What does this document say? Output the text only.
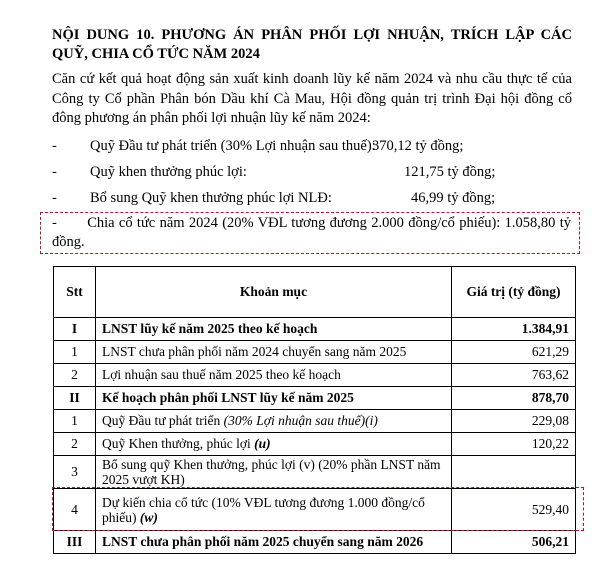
NỘI DUNG 10. PHƯƠNG ÁN PHÂN PHỐI LỢI NHUẬN, TRÍCH LẬP CÁC QUỸ, CHIA CỔ TỨC NĂM 2024
Căn cứ kết quả hoạt động sản xuất kinh doanh lũy kế năm 2024 và nhu cầu thực tế của Công ty Cổ phần Phân bón Dầu khí Cà Mau, Hội đồng quản trị trình Đại hội đồng cổ đông phương án phân phối lợi nhuận lũy kế năm 2024:
- Quỹ Đầu tư phát triển (30% Lợi nhuận sau thuế):
370,12 tỷ đồng;
- Quỹ khen thưởng phúc lợi:	121,75 tỷ đồng;
- Bổ sung Quỹ khen thưởng phúc lợi NLĐ:	46,99 tỷ đồng;
- Chia cổ tức năm 2024 (20% VĐL tương đương 2.000 đồng/cổ phiếu): 1.058,80 tỷ đồng.
Stt	Khoản mục	Giá trị (tỷ đồng)
I	LNST lũy kế năm 2025 theo kế hoạch	1.384,91
1	LNST chưa phân phối năm 2024 chuyển sang năm 2025	621,29
2	Lợi nhuận sau thuế năm 2025 theo kế hoạch	763,62
II	Kế hoạch phân phối LNST lũy kế năm 2025	878,70
1	Quỹ Đầu tư phát triển (30% Lợi nhuận sau thuế)(i)	229,08
2	Quỹ Khen thưởng, phúc lợi (u)	120,22
3	Bổ sung quỹ Khen thưởng, phúc lợi (v) (20% phần LNST năm 2025 vượt KH)	
4	Dự kiến chia cổ tức (10% VĐL tương đương 1.000 đồng/cổ phiếu) (w)	529,40
III	LNST chưa phân phối năm 2025 chuyển sang năm 2026	506,21
